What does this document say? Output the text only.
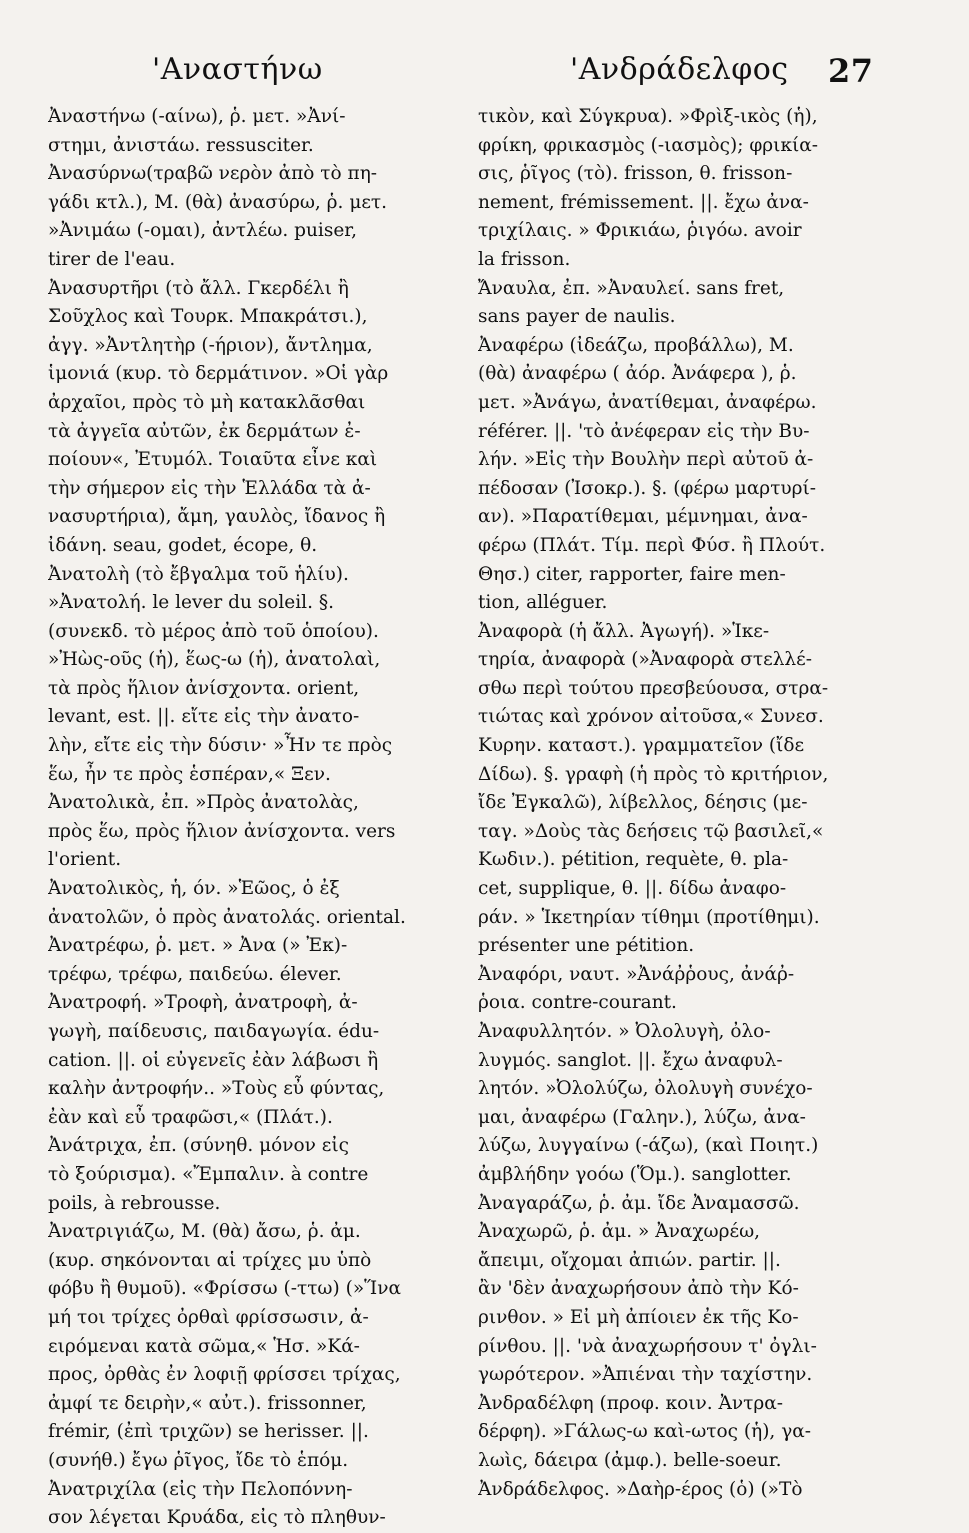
'Αναστήνω	'Ανδράδελφος 27
Ἀναστήνω (-αίνω), ῥ. μετ. »Ἀνί-
στημι, ἀνιστάω. ressusciter.
Ἀνασύρνω(τραβῶ νερὸν ἀπὸ τὸ πη-
γάδι κτλ.), Μ. (θὰ) ἀνασύρω, ῥ. μετ.
»Ἀνιμάω (-ομαι), ἀντλέω. puiser,
tirer de l'eau.
Ἀνασυρτῆρι (τὸ ἄλλ. Γκερδέλι ἢ
Σοῦχλος καὶ Τουρκ. Μπακράτσι.),
ἀγγ. »Ἀντλητὴρ (-ήριον), ἄντλημα,
ἱμονιά (κυρ. τὸ δερμάτινον. »Οἱ γὰρ
ἀρχαῖοι, πρὸς τὸ μὴ κατακλᾶσθαι
τὰ ἀγγεῖα αὐτῶν, ἐκ δερμάτων ἐ-
ποίουν«, Ἐτυμόλ. Τοιαῦτα εἶνε καὶ
τὴν σήμερον εἰς τὴν Ἑλλάδα τὰ ἀ-
νασυρτήρια), ἄμη, γαυλὸς, ἴδανος ἢ
ἰδάνη. seau, godet, écope, θ.
Ἀνατολὴ (τὸ ἔβγαλμα τοῦ ἡλίυ).
»Ἀνατολή. le lever du soleil. §.
(συνεκδ. τὸ μέρος ἀπὸ τοῦ ὁποίου).
»Ἠὼς-οῦς (ἡ), ἕως-ω (ἡ), ἀνατολαὶ,
τὰ πρὸς ἥλιον ἀνίσχοντα. orient,
levant, est. ||. εἴτε εἰς τὴν ἀνατο-
λὴν, εἴτε εἰς τὴν δύσιν· »Ἦν τε πρὸς
ἕω, ἦν τε πρὸς ἑσπέραν,« Ξεν.
Ἀνατολικὰ, ἐπ. »Πρὸς ἀνατολὰς,
πρὸς ἕω, πρὸς ἥλιον ἀνίσχοντα. vers
l'orient.
Ἀνατολικὸς, ἡ, όν. »Ἑῶος, ὁ ἐξ
ἀνατολῶν, ὁ πρὸς ἀνατολάς. oriental.
Ἀνατρέφω, ῥ. μετ. » Ἀνα (» Ἐκ)-
τρέφω, τρέφω, παιδεύω. élever.
Ἀνατροφή. »Τροφὴ, ἀνατροφὴ, ἀ-
γωγὴ, παίδευσις, παιδαγωγία. édu-
cation. ||. οἱ εὐγενεῖς ἐὰν λάβωσι ἢ
καλὴν ἀντροφήν.. »Τοὺς εὖ φύντας,
ἐὰν καὶ εὖ τραφῶσι,« (Πλάτ.).
Ἀνάτριχα, ἐπ. (σύνηθ. μόνον εἰς
τὸ ξούρισμα). «Ἔμπαλιν. à contre
poils, à rebrousse.
Ἀνατριγιάζω, Μ. (θὰ) ἄσω, ῥ. ἀμ.
(κυρ. σηκόνονται αἱ τρίχες μυ ὑπὸ
φόβυ ἢ θυμοῦ). «Φρίσσω (-ττω) (»Ἵνα
μή τοι τρίχες ὀρθαὶ φρίσσωσιν, ἀ-
ειρόμεναι κατὰ σῶμα,« Ἡσ. »Κά-
προς, ὀρθὰς ἐν λοφιῇ φρίσσει τρίχας,
ἀμφί τε δειρὴν,« αὐτ.). frissonner,
frémir, (ἐπὶ τριχῶν) se herisser. ||.
(συνήθ.) ἔγω ῥῖγος, ἴδε τὸ ἑπόμ.
Ἀνατριχίλα (εἰς τὴν Πελοπόννη-
σον λέγεται Κρυάδα, εἰς τὸ πληθυν-
τικὸν, καὶ Σύγκρυα). »Φρὶξ-ικὸς (ἡ),
φρίκη, φρικασμὸς (-ιασμὸς); φρικία-
σις, ῥῖγος (τὸ). frisson, θ. frisson-
nement, frémissement. ||. ἔχω ἀνα-
τριχίλαις. » Φρικιάω, ῥιγόω. avoir
la frisson.
Ἄναυλα, ἐπ. »Ἀναυλεί. sans fret,
sans payer de naulis.
Ἀναφέρω (ἰδεάζω, προβάλλω), Μ.
(θὰ) ἀναφέρω ( ἀόρ. Ἀνάφερα ), ῥ.
μετ. »Ἀνάγω, ἀνατίθεμαι, ἀναφέρω.
référer. ||. 'τὸ ἀνέφεραν εἰς τὴν Βυ-
λήν. »Εἰς τὴν Βουλὴν περὶ αὐτοῦ ἀ-
πέδοσαν (Ἰσοκρ.). §. (φέρω μαρτυρί-
αν). »Παρατίθεμαι, μέμνημαι, ἀνα-
φέρω (Πλάτ. Τίμ. περὶ Φύσ. ἢ Πλούτ.
Θησ.) citer, rapporter, faire men-
tion, alléguer.
Ἀναφορὰ (ἡ ἄλλ. Ἀγωγή). »Ἱκε-
τηρία, ἀναφορὰ (»Ἀναφορὰ στελλέ-
σθω περὶ τούτου πρεσβεύουσα, στρα-
τιώτας καὶ χρόνον αἰτοῦσα,« Συνεσ.
Κυρην. καταστ.). γραμματεῖον (ἴδε
Δίδω). §. γραφὴ (ἡ πρὸς τὸ κριτήριον,
ἴδε Ἐγκαλῶ), λίβελλος, δέησις (με-
ταγ. »Δοὺς τὰς δεήσεις τῷ βασιλεῖ,«
Κωδιν.). pétition, requète, θ. pla-
cet, supplique, θ. ||. δίδω ἀναφο-
ράν. » Ἱκετηρίαν τίθημι (προτίθημι).
présenter une pétition.
Ἀναφόρι, ναυτ. »Ἀνάῤῥους, ἀνάῤ-
ῥοια. contre-courant.
Ἀναφυλλητόν. » Ὀλολυγὴ, ὀλο-
λυγμός. sanglot. ||. ἔχω ἀναφυλ-
λητόν. »Ὀλολύζω, ὀλολυγὴ συνέχο-
μαι, ἀναφέρω (Γαλην.), λύζω, ἀνα-
λύζω, λυγγαίνω (-άζω), (καὶ Ποιητ.)
ἀμβλήδην γοόω (Ὅμ.). sanglotter.
Ἀναγαράζω, ῥ. ἀμ. ἴδε Ἀναμασσῶ.
Ἀναχωρῶ, ῥ. ἀμ. » Ἀναχωρέω,
ἄπειμι, οἴχομαι ἀπιών. partir. ||.
ἂν 'δὲν ἀναχωρήσουν ἀπὸ τὴν Κό-
ρινθον. » Εἰ μὴ ἀπίοιεν ἐκ τῆς Κο-
ρίνθου. ||. 'νὰ ἀναχωρήσουν τ' ὀγλι-
γωρότερον. »Ἀπιέναι τὴν ταχίστην.
Ἀνδραδέλφη (προφ. κοιν. Ἀντρα-
δέρφη). »Γάλως-ω καὶ-ωτος (ἡ), γα-
λωὶς, δάειρα (ἀμφ.). belle-soeur.
Ἀνδράδελφος. »Δαὴρ-έρος (ὁ) (»Τὸ
